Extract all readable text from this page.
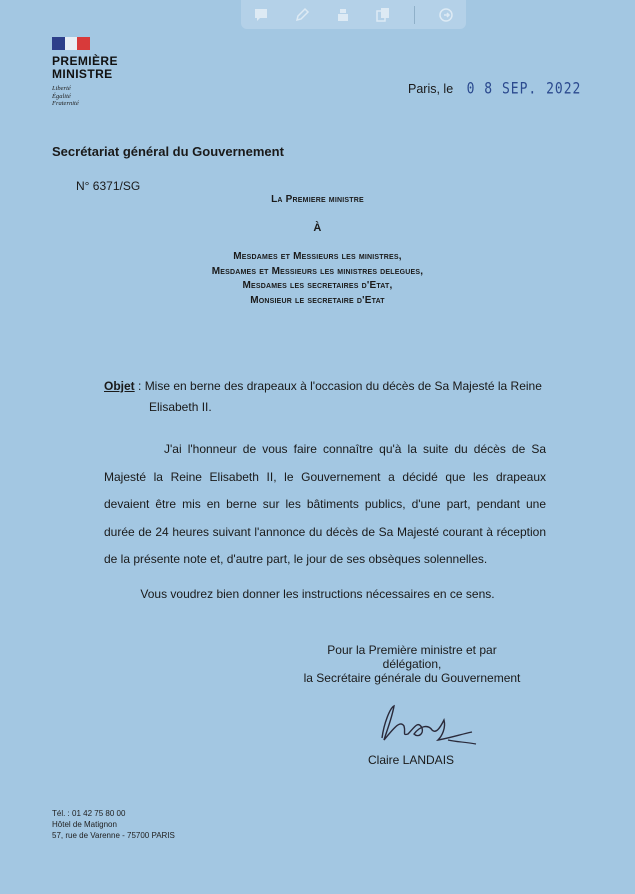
PREMIÈRE
MINISTRE
Liberté
Égalité
Fraternité
Paris, le 0 8 SEP. 2022
Secrétariat général du Gouvernement
N° 6371/SG
La Premiere ministre
À
Mesdames et Messieurs les ministres,
Mesdames et Messieurs les ministres delegues,
Mesdames les secretaires d'Etat,
Monsieur le secretaire d'Etat
Objet : Mise en berne des drapeaux à l'occasion du décès de Sa Majesté la Reine
Elisabeth II.
J'ai l'honneur de vous faire connaître qu'à la suite du décès de Sa Majesté la Reine Elisabeth II, le Gouvernement a décidé que les drapeaux devaient être mis en berne sur les bâtiments publics, d'une part, pendant une durée de 24 heures suivant l'annonce du décès de Sa Majesté courant à réception de la présente note et, d'autre part, le jour de ses obsèques solennelles.
Vous voudrez bien donner les instructions nécessaires en ce sens.
Pour la Première ministre et par
délégation,
la Secrétaire générale du Gouvernement
Claire LANDAIS
Tél. : 01 42 75 80 00
Hôtel de Matignon
57, rue de Varenne - 75700 PARIS
